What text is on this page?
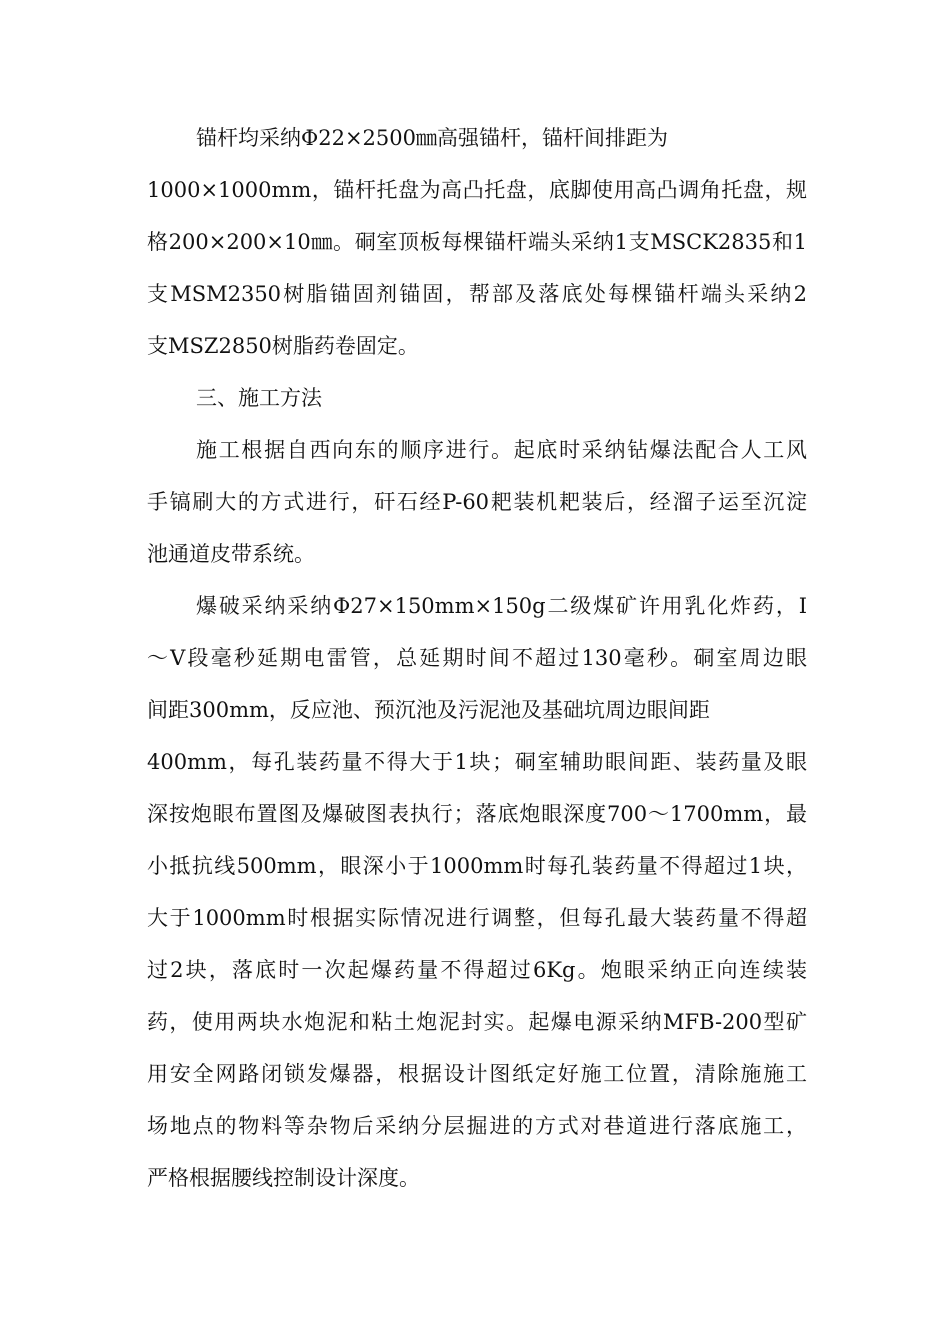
锚杆均采纳Φ22×2500㎜高强锚杆，锚杆间排距为
1000×1000mm，锚杆托盘为高凸托盘，底脚使用高凸调角托盘，规
格200×200×10㎜。硐室顶板每棵锚杆端头采纳1支MSCK2835和1
支MSM2350树脂锚固剂锚固，帮部及落底处每棵锚杆端头采纳2
支MSZ2850树脂药卷固定。
三、施工方法
施工根据自西向东的顺序进行。起底时采纳钻爆法配合人工风
手镐刷大的方式进行，矸石经P-60耙装机耙装后，经溜子运至沉淀
池通道皮带系统。
爆破采纳采纳Φ27×150mm×150g二级煤矿许用乳化炸药，Ⅰ
～Ⅴ段毫秒延期电雷管，总延期时间不超过130毫秒。硐室周边眼
间距300mm，反应池、预沉池及污泥池及基础坑周边眼间距
400mm，每孔装药量不得大于1块；硐室辅助眼间距、装药量及眼
深按炮眼布置图及爆破图表执行；落底炮眼深度700～1700mm，最
小抵抗线500mm，眼深小于1000mm时每孔装药量不得超过1块，
大于1000mm时根据实际情况进行调整，但每孔最大装药量不得超
过2块，落底时一次起爆药量不得超过6Kg。炮眼采纳正向连续装
药，使用两块水炮泥和粘土炮泥封实。起爆电源采纳MFB-200型矿
用安全网路闭锁发爆器，根据设计图纸定好施工位置，清除施施工
场地点的物料等杂物后采纳分层掘进的方式对巷道进行落底施工，
严格根据腰线控制设计深度。
